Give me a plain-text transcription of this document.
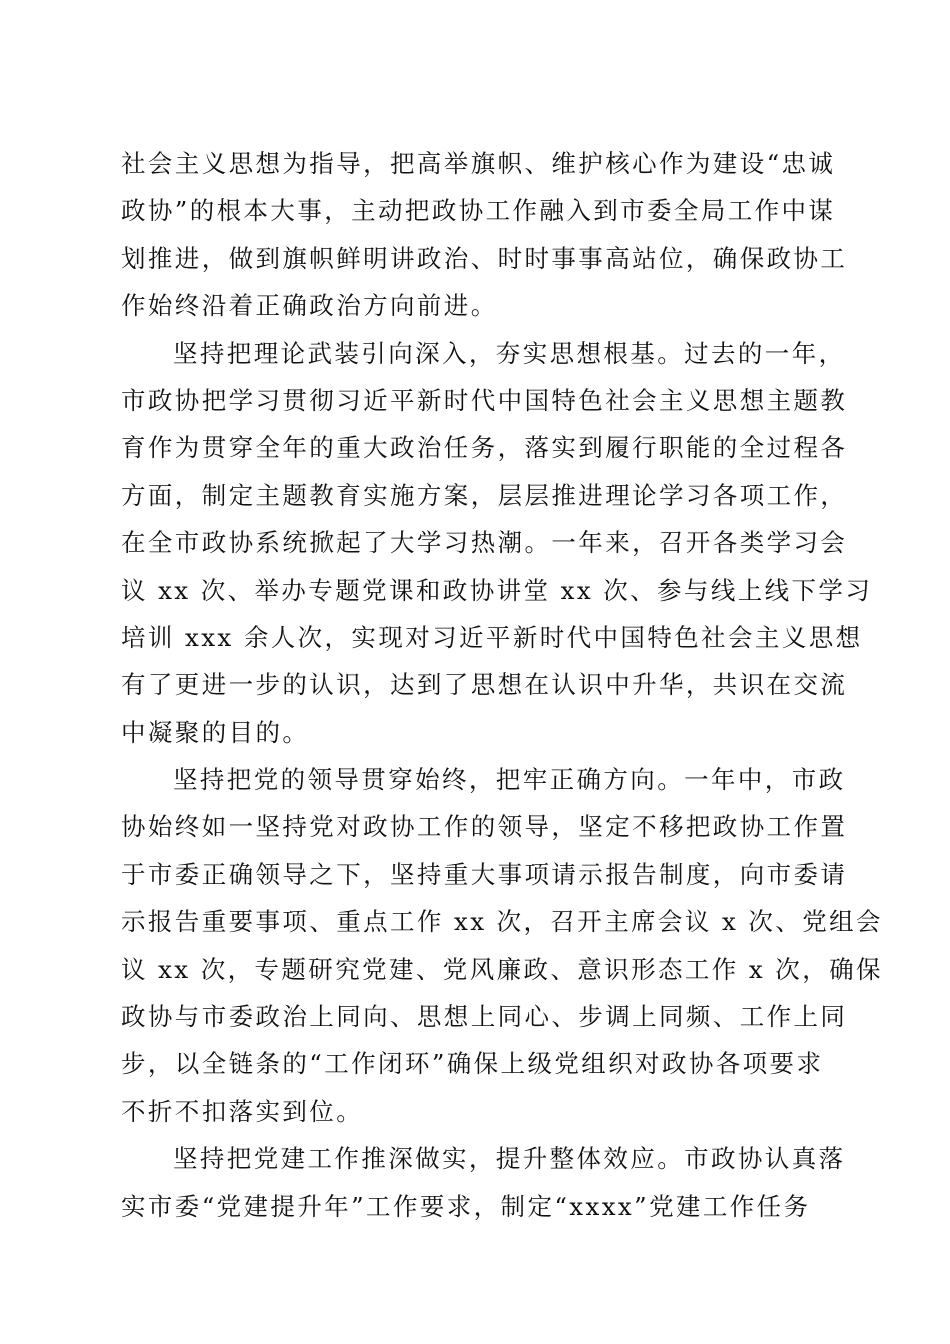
社会主义思想为指导，把高举旗帜、维护核心作为建设“忠诚
政协”的根本大事，主动把政协工作融入到市委全局工作中谋
划推进，做到旗帜鲜明讲政治、时时事事高站位，确保政协工
作始终沿着正确政治方向前进。
坚持把理论武装引向深入，夯实思想根基。过去的一年，
市政协把学习贯彻习近平新时代中国特色社会主义思想主题教
育作为贯穿全年的重大政治任务，落实到履行职能的全过程各
方面，制定主题教育实施方案，层层推进理论学习各项工作，
在全市政协系统掀起了大学习热潮。一年来，召开各类学习会
议 xx 次、举办专题党课和政协讲堂 xx 次、参与线上线下学习
培训 xxx 余人次，实现对习近平新时代中国特色社会主义思想
有了更进一步的认识，达到了思想在认识中升华，共识在交流
中凝聚的目的。
坚持把党的领导贯穿始终，把牢正确方向。一年中，市政
协始终如一坚持党对政协工作的领导，坚定不移把政协工作置
于市委正确领导之下，坚持重大事项请示报告制度，向市委请
示报告重要事项、重点工作 xx 次，召开主席会议 x 次、党组会
议 xx 次，专题研究党建、党风廉政、意识形态工作 x 次，确保
政协与市委政治上同向、思想上同心、步调上同频、工作上同
步，以全链条的“工作闭环”确保上级党组织对政协各项要求
不折不扣落实到位。
坚持把党建工作推深做实，提升整体效应。市政协认真落
实市委“党建提升年”工作要求，制定“xxxx”党建工作任务
